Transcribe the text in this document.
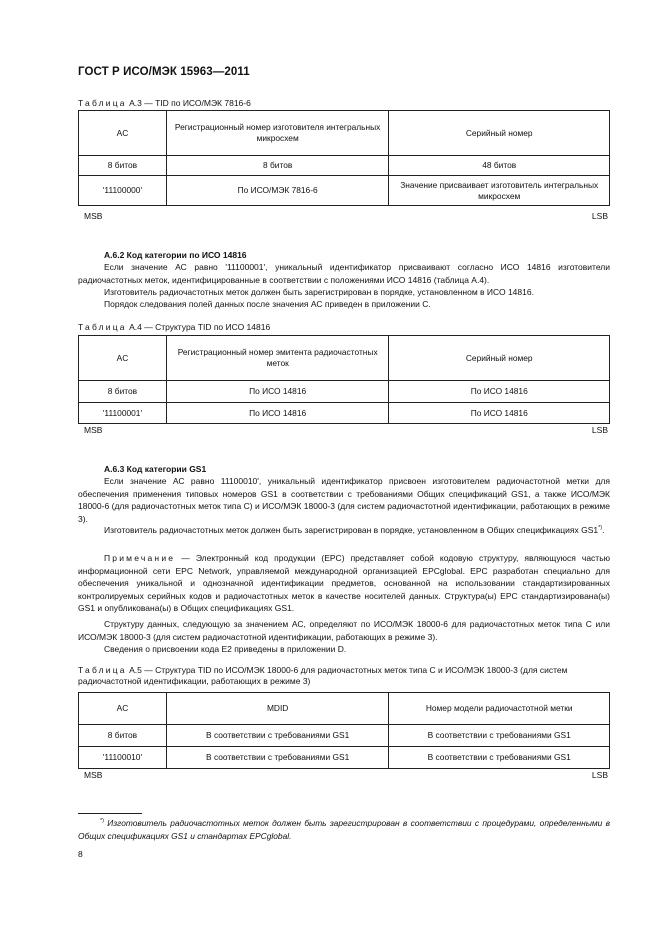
ГОСТ Р ИСО/МЭК 15963—2011
Таблица А.3 — TID по ИСО/МЭК 7816-6
AC	Регистрационный номер изготовителя интегральных микросхем	Серийный номер
8 битов	8 битов	48 битов
'11100000'	По ИСО/МЭК 7816-6	Значение присваивает изготовитель интегральных микросхем
MSB	LSB
А.6.2 Код категории по ИСО 14816

Если значение АС равно '11100001', уникальный идентификатор присваивают согласно ИСО 14816 изготовители радиочастотных меток, идентифицированные в соответствии с положениями ИСО 14816 (таблица А.4).

Изготовитель радиочастотных меток должен быть зарегистрирован в порядке, установленном в ИСО 14816.

Порядок следования полей данных после значения АС приведен в приложении С.

Таблица А.4 — Структура TID по ИСО 14816
AC	Регистрационный номер эмитента радиочастотных меток	Серийный номер
8 битов	По ИСО 14816	По ИСО 14816
'11100001'	По ИСО 14816	По ИСО 14816
MSB	LSB
А.6.3 Код категории GS1

Если значение АС равно 11100010', уникальный идентификатор присвоен изготовителем радиочастотной метки для обеспечения применения типовых номеров GS1 в соответствии с требованиями Общих спецификаций GS1, а также ИСО/МЭК 18000-6 (для радиочастотных меток типа С) и ИСО/МЭК 18000-3 (для систем радиочастотной идентификации, работающих в режиме 3).

Изготовитель радиочастотных меток должен быть зарегистрирован в порядке, установленном в Общих спецификациях GS1*).

Примечание — Электронный код продукции (EPC) представляет собой кодовую структуру, являющуюся частью информационной сети EPC Network, управляемой международной организацией EPCglobal. EPC разработан специально для обеспечения уникальной и однозначной идентификации предметов, основанной на использовании стандартизированных контролируемых серийных кодов и радиочастотных меток в качестве носителей данных. Структура(ы) EPC стандартизирована(ы) GS1 и опубликована(ы) в Общих спецификациях GS1.

Структуру данных, следующую за значением АС, определяют по ИСО/МЭК 18000-6 для радиочастотных меток типа С или ИСО/МЭК 18000-3 (для систем радиочастотной идентификации, работающих в режиме 3).

Сведения о присвоении кода Е2 приведены в приложении D.

Таблица А.5 — Структура TID по ИСО/МЭК 18000-6 для радиочастотных меток типа С и ИСО/МЭК 18000-3 (для систем радиочастотной идентификации, работающих в режиме 3)
AC	MDID	Номер модели радиочастотной метки
8 битов	В соответствии с требованиями GS1	В соответствии с требованиями GS1
'11100010'	В соответствии с требованиями GS1	В соответствии с требованиями GS1
MSB	LSB

*) Изготовитель радиочастотных меток должен быть зарегистрирован в соответствии с процедурами, определенными в Общих спецификациях GS1 и стандартах EPCglobal.

8
